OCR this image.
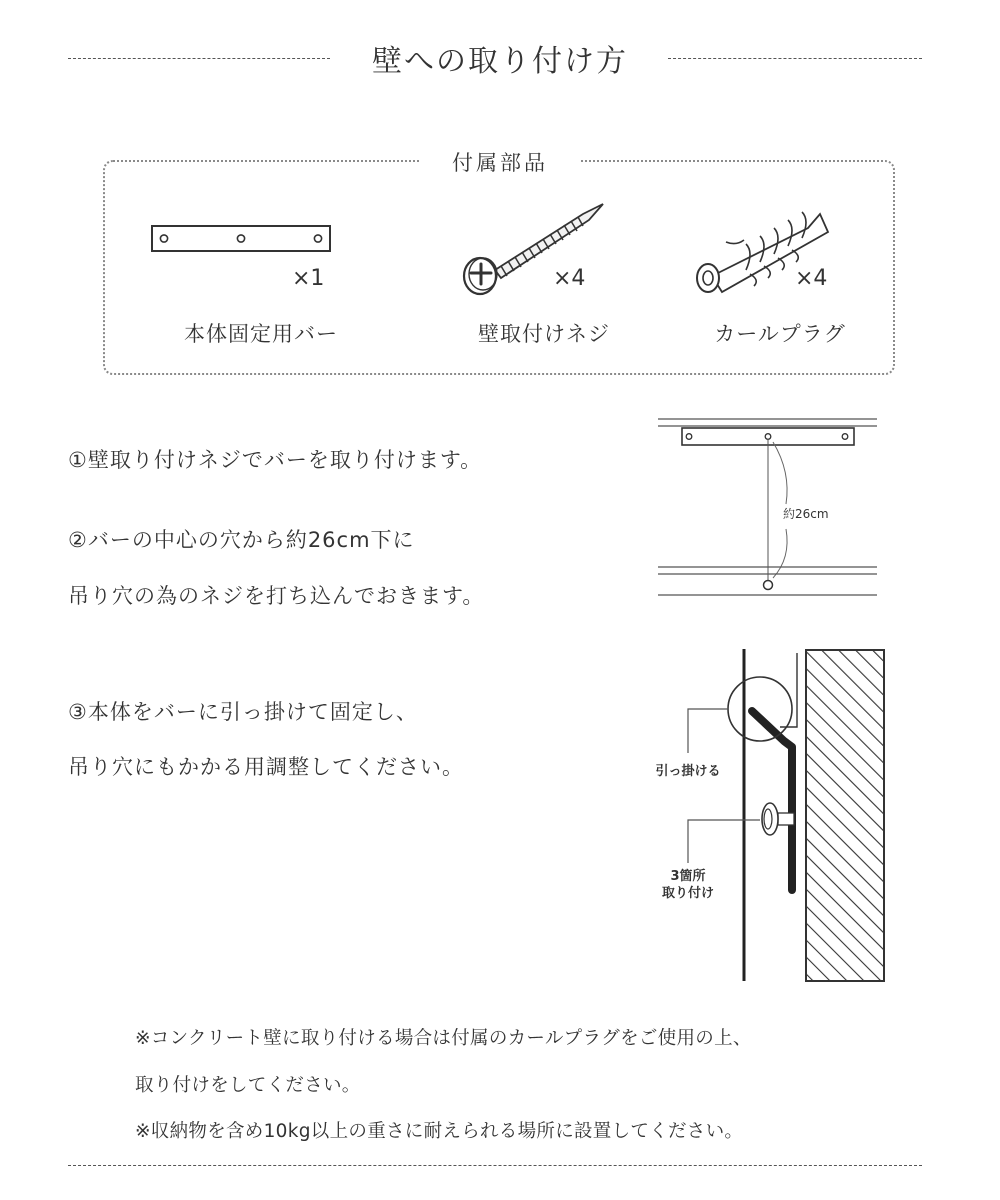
壁への取り付け方
付属部品
×1	×4	×4
本体固定用バー	壁取付けネジ	カールプラグ
①壁取り付けネジでバーを取り付けます。
②バーの中心の穴から約26cm下に
吊り穴の為のネジを打ち込んでおきます。
③本体をバーに引っ掛けて固定し、
吊り穴にもかかる用調整してください。
約26cm
引っ掛ける
3箇所
取り付け
※コンクリート壁に取り付ける場合は付属のカールプラグをご使用の上、
取り付けをしてください。
※収納物を含め10kg以上の重さに耐えられる場所に設置してください。
